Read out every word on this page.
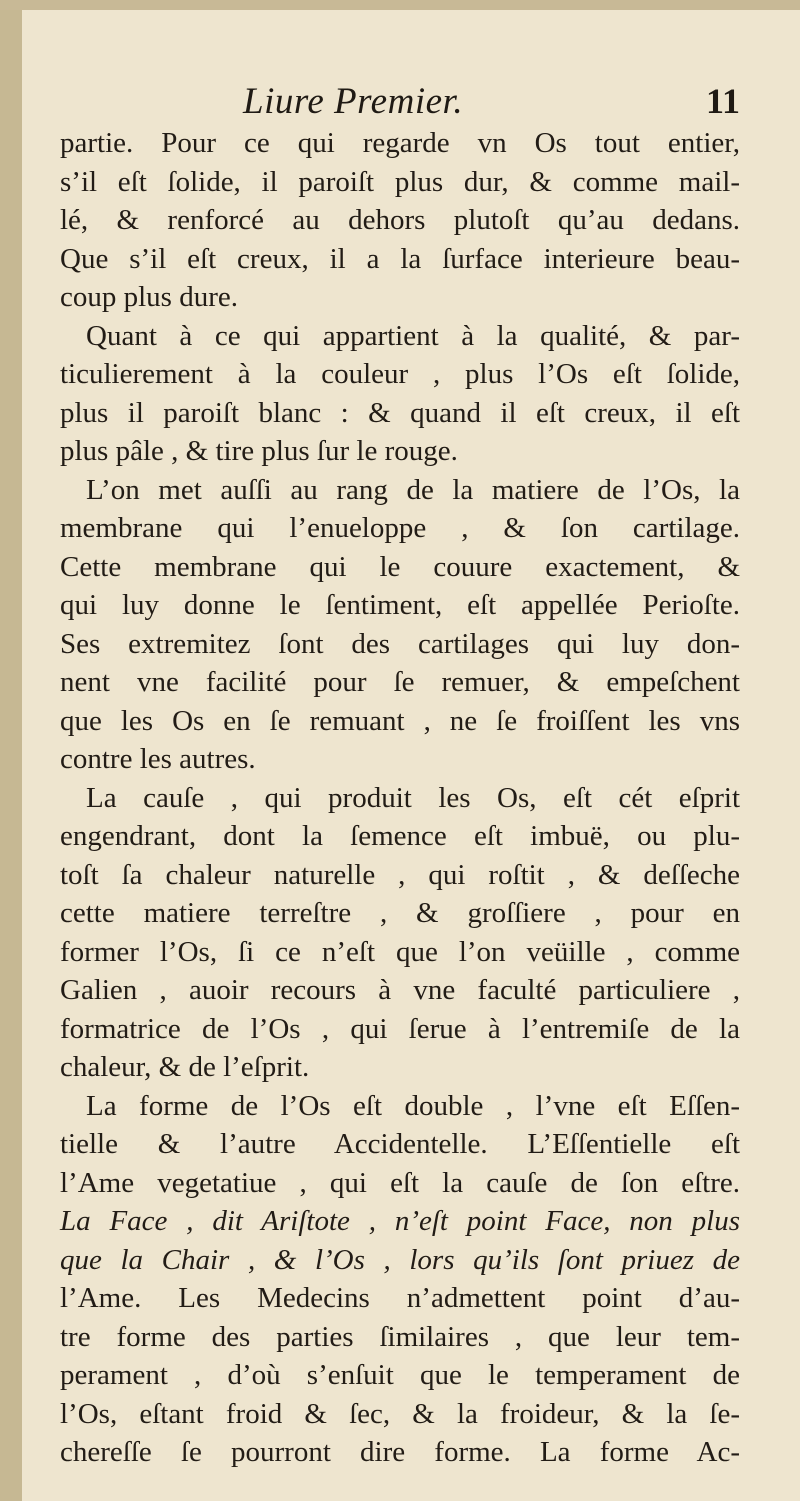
Liure Premier.	11
partie. Pour ce qui regarde vn Os tout entier,
s’il eſt ſolide, il paroiſt plus dur, & comme mail-
lé, & renforcé au dehors plutoſt qu’au dedans.
Que s’il eſt creux, il a la ſurface interieure beau-
coup plus dure.
Quant à ce qui appartient à la qualité, & par-
ticulierement à la couleur , plus l’Os eſt ſolide,
plus il paroiſt blanc : & quand il eſt creux, il eſt
plus pâle , & tire plus ſur le rouge.
L’on met auſſi au rang de la matiere de l’Os, la
membrane qui l’enueloppe , & ſon cartilage.
Cette membrane qui le couure exactement, &
qui luy donne le ſentiment, eſt appellée Perioſte.
Ses extremitez ſont des cartilages qui luy don-
nent vne facilité pour ſe remuer, & empeſchent
que les Os en ſe remuant , ne ſe froiſſent les vns
contre les autres.
La cauſe , qui produit les Os, eſt cét eſprit
engendrant, dont la ſemence eſt imbuë, ou plu-
toſt ſa chaleur naturelle , qui roſtit , & deſſeche
cette matiere terreſtre , & groſſiere , pour en
former l’Os, ſi ce n’eſt que l’on veüille , comme
Galien , auoir recours à vne faculté particuliere ,
formatrice de l’Os , qui ſerue à l’entremiſe de la
chaleur, & de l’eſprit.
La forme de l’Os eſt double , l’vne eſt Eſſen-
tielle & l’autre Accidentelle. L’Eſſentielle eſt
l’Ame vegetatiue , qui eſt la cauſe de ſon eſtre.
La Face , dit Ariſtote , n’eſt point Face, non plus
que la Chair , & l’Os , lors qu’ils ſont priuez de
l’Ame. Les Medecins n’admettent point d’au-
tre forme des parties ſimilaires , que leur tem-
perament , d’où s’enſuit que le temperament de
l’Os, eſtant froid & ſec, & la froideur, & la ſe-
chereſſe ſe pourront dire forme. La forme Ac-
